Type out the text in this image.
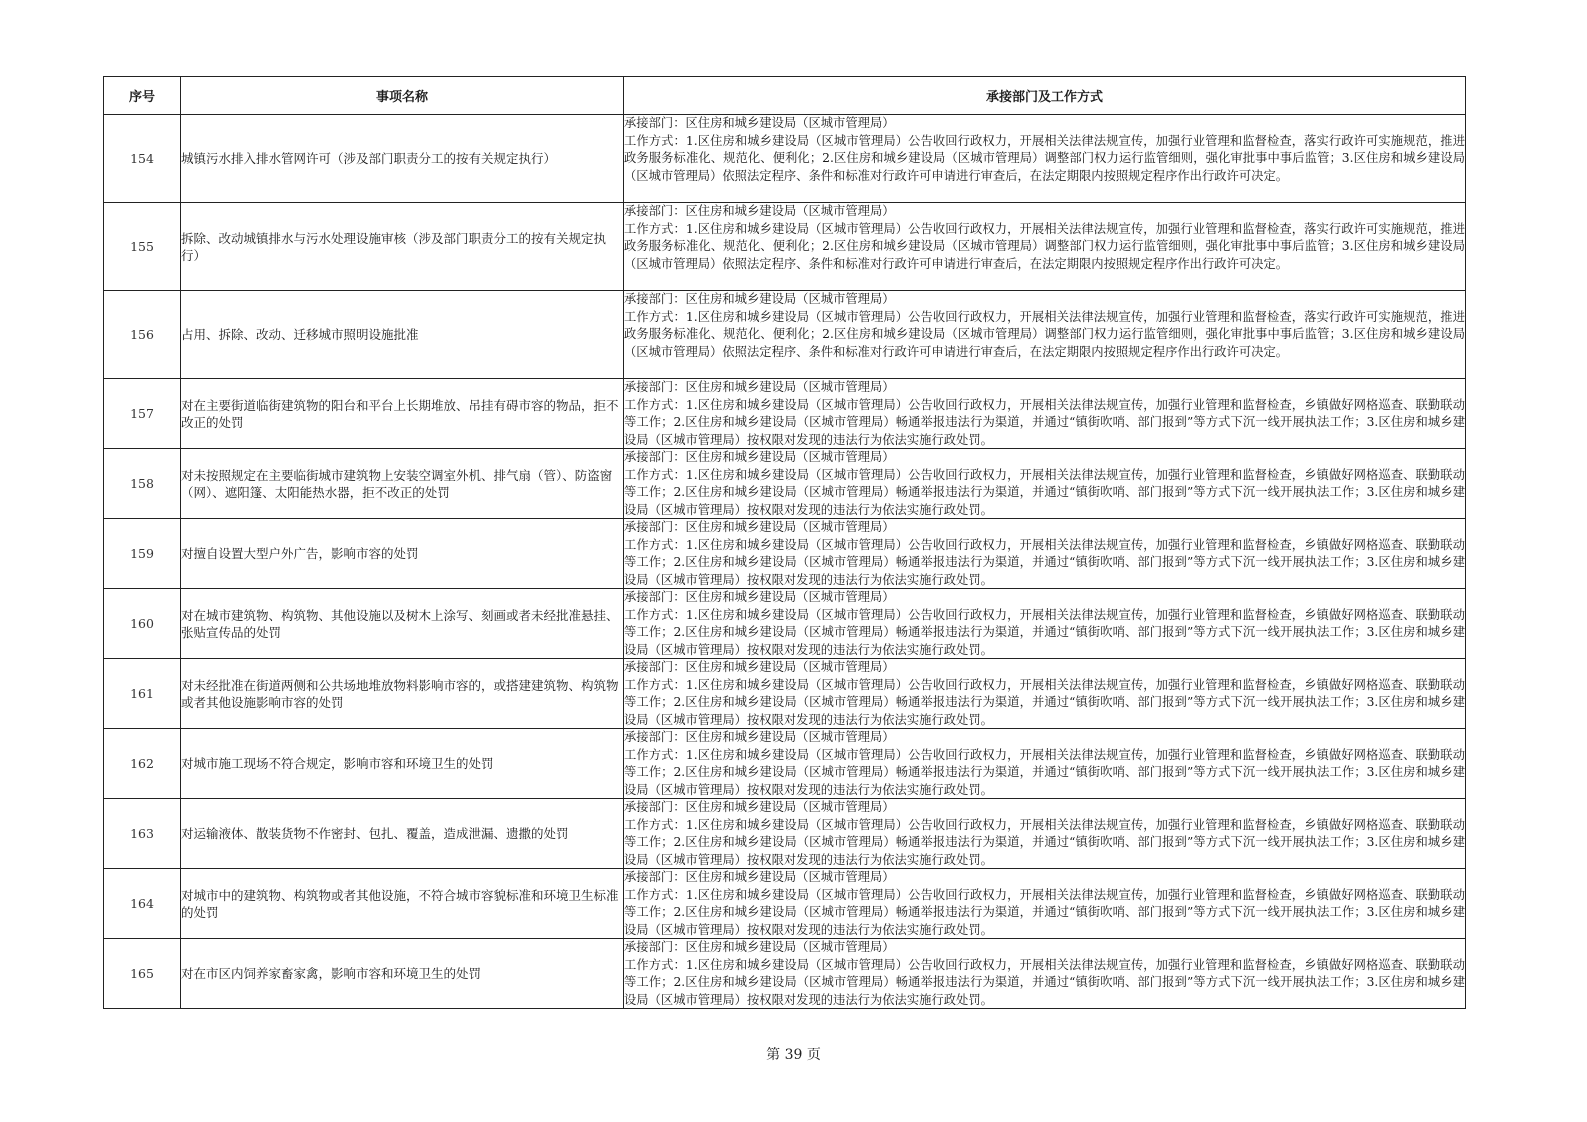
序号	事项名称	承接部门及工作方式
154	城镇污水排入排水管网许可（涉及部门职责分工的按有关规定执行）	承接部门：区住房和城乡建设局（区城市管理局）
工作方式：1.区住房和城乡建设局（区城市管理局）公告收回行政权力，开展相关法律法规宣传，加强行业管理和监督检查，落实行政许可实施规范，推进政务服务标准化、规范化、便利化；2.区住房和城乡建设局（区城市管理局）调整部门权力运行监管细则，强化审批事中事后监管；3.区住房和城乡建设局（区城市管理局）依照法定程序、条件和标准对行政许可申请进行审查后，在法定期限内按照规定程序作出行政许可决定。

155	拆除、改动城镇排水与污水处理设施审核（涉及部门职责分工的按有关规定执行）	承接部门：区住房和城乡建设局（区城市管理局）
工作方式：1.区住房和城乡建设局（区城市管理局）公告收回行政权力，开展相关法律法规宣传，加强行业管理和监督检查，落实行政许可实施规范，推进政务服务标准化、规范化、便利化；2.区住房和城乡建设局（区城市管理局）调整部门权力运行监管细则，强化审批事中事后监管；3.区住房和城乡建设局（区城市管理局）依照法定程序、条件和标准对行政许可申请进行审查后，在法定期限内按照规定程序作出行政许可决定。

156	占用、拆除、改动、迁移城市照明设施批准	承接部门：区住房和城乡建设局（区城市管理局）
工作方式：1.区住房和城乡建设局（区城市管理局）公告收回行政权力，开展相关法律法规宣传，加强行业管理和监督检查，落实行政许可实施规范，推进政务服务标准化、规范化、便利化；2.区住房和城乡建设局（区城市管理局）调整部门权力运行监管细则，强化审批事中事后监管；3.区住房和城乡建设局（区城市管理局）依照法定程序、条件和标准对行政许可申请进行审查后，在法定期限内按照规定程序作出行政许可决定。

157	对在主要街道临街建筑物的阳台和平台上长期堆放、吊挂有碍市容的物品，拒不改正的处罚	承接部门：区住房和城乡建设局（区城市管理局）
工作方式：1.区住房和城乡建设局（区城市管理局）公告收回行政权力，开展相关法律法规宣传，加强行业管理和监督检查，乡镇做好网格巡查、联勤联动等工作；2.区住房和城乡建设局（区城市管理局）畅通举报违法行为渠道，并通过“镇街吹哨、部门报到”等方式下沉一线开展执法工作；3.区住房和城乡建设局（区城市管理局）按权限对发现的违法行为依法实施行政处罚。

158	对未按照规定在主要临街城市建筑物上安装空调室外机、排气扇（管）、防盗窗（网）、遮阳篷、太阳能热水器，拒不改正的处罚	承接部门：区住房和城乡建设局（区城市管理局）
工作方式：1.区住房和城乡建设局（区城市管理局）公告收回行政权力，开展相关法律法规宣传，加强行业管理和监督检查，乡镇做好网格巡查、联勤联动等工作；2.区住房和城乡建设局（区城市管理局）畅通举报违法行为渠道，并通过“镇街吹哨、部门报到”等方式下沉一线开展执法工作；3.区住房和城乡建设局（区城市管理局）按权限对发现的违法行为依法实施行政处罚。

159	对擅自设置大型户外广告，影响市容的处罚	承接部门：区住房和城乡建设局（区城市管理局）
工作方式：1.区住房和城乡建设局（区城市管理局）公告收回行政权力，开展相关法律法规宣传，加强行业管理和监督检查，乡镇做好网格巡查、联勤联动等工作；2.区住房和城乡建设局（区城市管理局）畅通举报违法行为渠道，并通过“镇街吹哨、部门报到”等方式下沉一线开展执法工作；3.区住房和城乡建设局（区城市管理局）按权限对发现的违法行为依法实施行政处罚。

160	对在城市建筑物、构筑物、其他设施以及树木上涂写、刻画或者未经批准悬挂、张贴宣传品的处罚	承接部门：区住房和城乡建设局（区城市管理局）
工作方式：1.区住房和城乡建设局（区城市管理局）公告收回行政权力，开展相关法律法规宣传，加强行业管理和监督检查，乡镇做好网格巡查、联勤联动等工作；2.区住房和城乡建设局（区城市管理局）畅通举报违法行为渠道，并通过“镇街吹哨、部门报到”等方式下沉一线开展执法工作；3.区住房和城乡建设局（区城市管理局）按权限对发现的违法行为依法实施行政处罚。

161	对未经批准在街道两侧和公共场地堆放物料影响市容的，或搭建建筑物、构筑物或者其他设施影响市容的处罚	承接部门：区住房和城乡建设局（区城市管理局）
工作方式：1.区住房和城乡建设局（区城市管理局）公告收回行政权力，开展相关法律法规宣传，加强行业管理和监督检查，乡镇做好网格巡查、联勤联动等工作；2.区住房和城乡建设局（区城市管理局）畅通举报违法行为渠道，并通过“镇街吹哨、部门报到”等方式下沉一线开展执法工作；3.区住房和城乡建设局（区城市管理局）按权限对发现的违法行为依法实施行政处罚。

162	对城市施工现场不符合规定，影响市容和环境卫生的处罚	承接部门：区住房和城乡建设局（区城市管理局）
工作方式：1.区住房和城乡建设局（区城市管理局）公告收回行政权力，开展相关法律法规宣传，加强行业管理和监督检查，乡镇做好网格巡查、联勤联动等工作；2.区住房和城乡建设局（区城市管理局）畅通举报违法行为渠道，并通过“镇街吹哨、部门报到”等方式下沉一线开展执法工作；3.区住房和城乡建设局（区城市管理局）按权限对发现的违法行为依法实施行政处罚。

163	对运输液体、散装货物不作密封、包扎、覆盖，造成泄漏、遗撒的处罚	承接部门：区住房和城乡建设局（区城市管理局）
工作方式：1.区住房和城乡建设局（区城市管理局）公告收回行政权力，开展相关法律法规宣传，加强行业管理和监督检查，乡镇做好网格巡查、联勤联动等工作；2.区住房和城乡建设局（区城市管理局）畅通举报违法行为渠道，并通过“镇街吹哨、部门报到”等方式下沉一线开展执法工作；3.区住房和城乡建设局（区城市管理局）按权限对发现的违法行为依法实施行政处罚。

164	对城市中的建筑物、构筑物或者其他设施，不符合城市容貌标准和环境卫生标准的处罚	承接部门：区住房和城乡建设局（区城市管理局）
工作方式：1.区住房和城乡建设局（区城市管理局）公告收回行政权力，开展相关法律法规宣传，加强行业管理和监督检查，乡镇做好网格巡查、联勤联动等工作；2.区住房和城乡建设局（区城市管理局）畅通举报违法行为渠道，并通过“镇街吹哨、部门报到”等方式下沉一线开展执法工作；3.区住房和城乡建设局（区城市管理局）按权限对发现的违法行为依法实施行政处罚。

165	对在市区内饲养家畜家禽，影响市容和环境卫生的处罚	承接部门：区住房和城乡建设局（区城市管理局）
工作方式：1.区住房和城乡建设局（区城市管理局）公告收回行政权力，开展相关法律法规宣传，加强行业管理和监督检查，乡镇做好网格巡查、联勤联动等工作；2.区住房和城乡建设局（区城市管理局）畅通举报违法行为渠道，并通过“镇街吹哨、部门报到”等方式下沉一线开展执法工作；3.区住房和城乡建设局（区城市管理局）按权限对发现的违法行为依法实施行政处罚。
第 39 页
